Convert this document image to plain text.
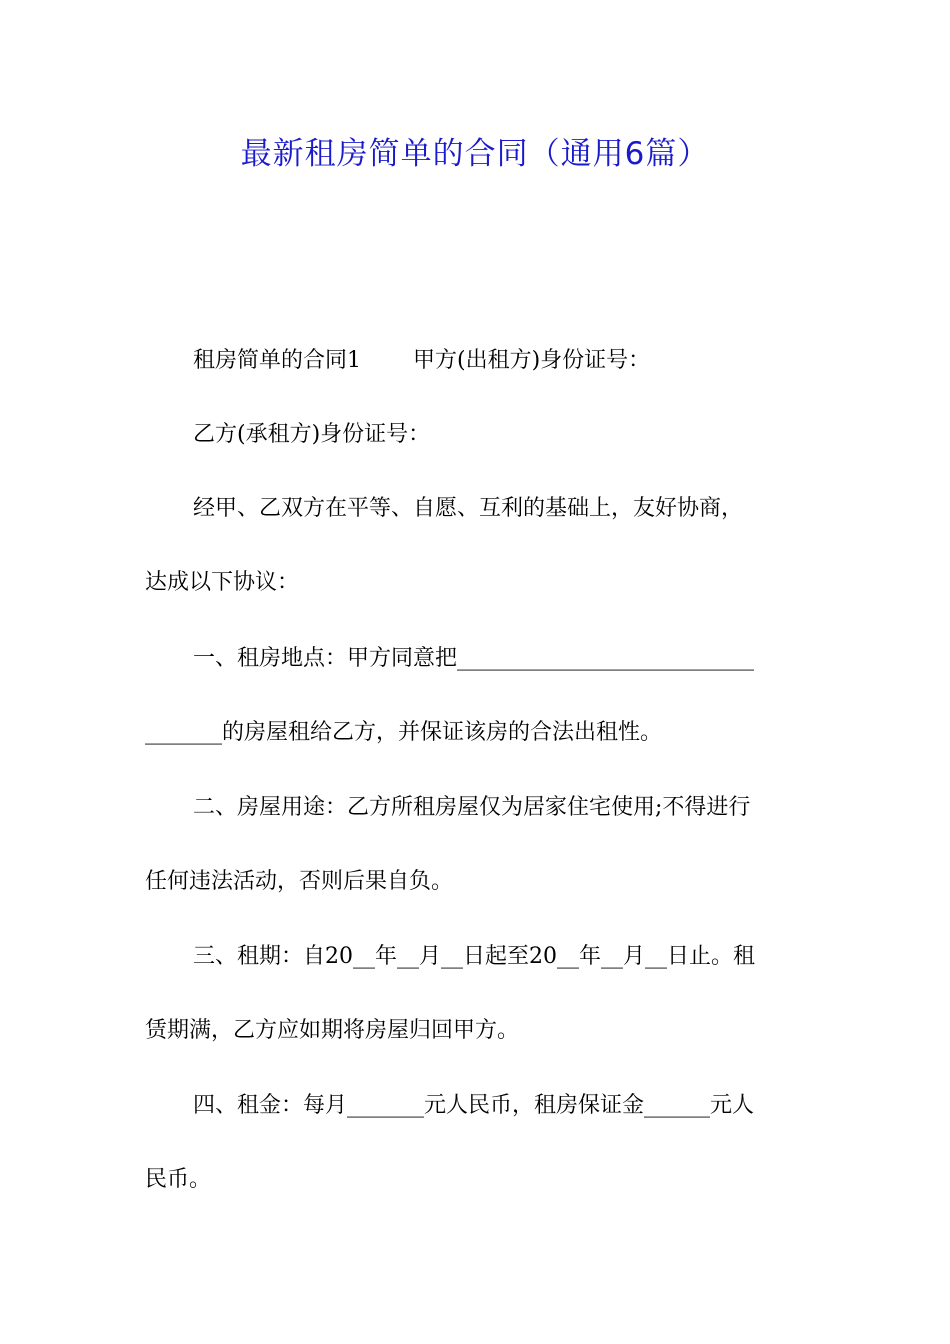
最新租房简单的合同（通用6篇）
租房简单的合同1 甲方(出租方)身份证号：
乙方(承租方)身份证号：
经甲、乙双方在平等、自愿、互利的基础上，友好协商，
达成以下协议：
一、租房地点：甲方同意把___________________________
_______的房屋租给乙方，并保证该房的合法出租性。
二、房屋用途：乙方所租房屋仅为居家住宅使用;不得进行
任何违法活动，否则后果自负。
三、租期：自20__年__月__日起至20__年__月__日止。租
赁期满，乙方应如期将房屋归回甲方。
四、租金：每月_______元人民币，租房保证金______元人
民币。
